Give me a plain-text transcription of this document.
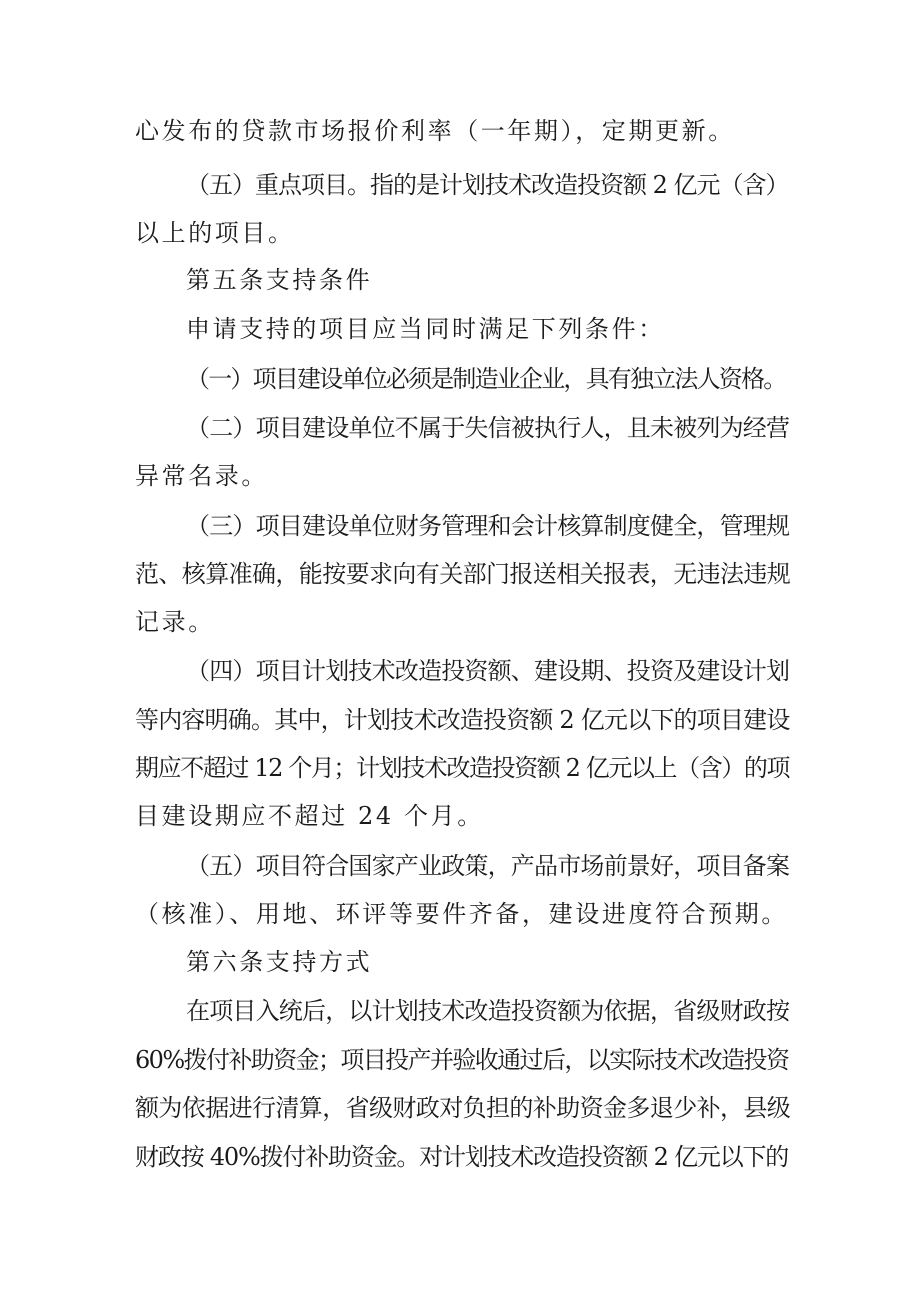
心发布的贷款市场报价利率（一年期），定期更新。
（五）重点项目。指的是计划技术改造投资额 2 亿元（含）
以上的项目。
第五条支持条件
申请支持的项目应当同时满足下列条件：
（一）项目建设单位必须是制造业企业，具有独立法人资格。
（二）项目建设单位不属于失信被执行人，且未被列为经营
异常名录。
（三）项目建设单位财务管理和会计核算制度健全，管理规
范、核算准确，能按要求向有关部门报送相关报表，无违法违规
记录。
（四）项目计划技术改造投资额、建设期、投资及建设计划
等内容明确。其中，计划技术改造投资额 2 亿元以下的项目建设
期应不超过 12 个月；计划技术改造投资额 2 亿元以上（含）的项
目建设期应不超过 24 个月。
（五）项目符合国家产业政策，产品市场前景好，项目备案
（核准）、用地、环评等要件齐备，建设进度符合预期。
第六条支持方式
在项目入统后，以计划技术改造投资额为依据，省级财政按
60%拨付补助资金；项目投产并验收通过后，以实际技术改造投资
额为依据进行清算，省级财政对负担的补助资金多退少补，县级
财政按 40%拨付补助资金。对计划技术改造投资额 2 亿元以下的
